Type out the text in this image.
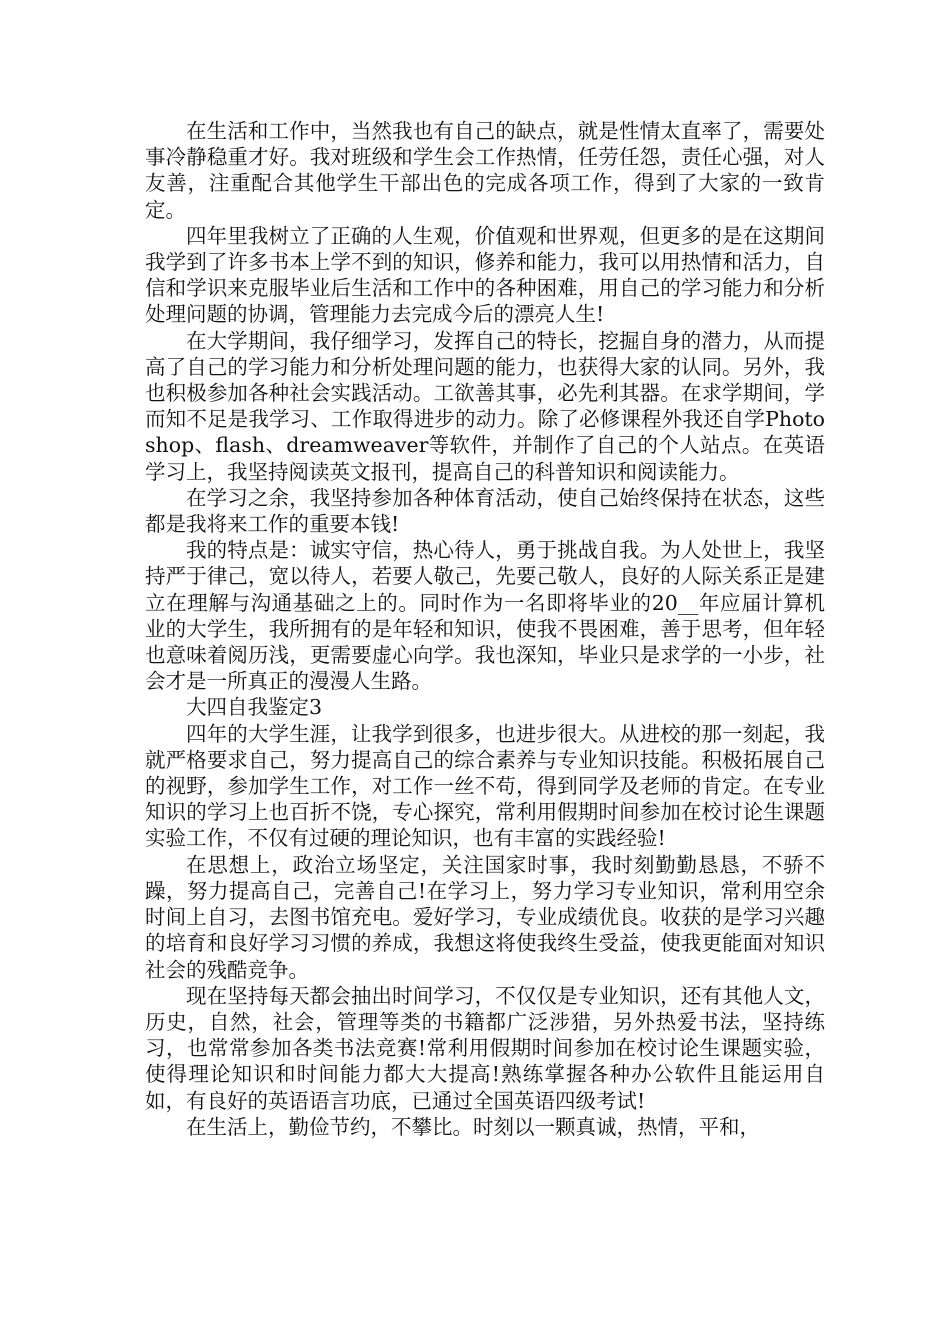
在生活和工作中，当然我也有自己的缺点，就是性情太直率了，需要处事冷静稳重才好。我对班级和学生会工作热情，任劳任怨，责任心强，对人友善，注重配合其他学生干部出色的完成各项工作，得到了大家的一致肯定。

四年里我树立了正确的人生观，价值观和世界观，但更多的是在这期间我学到了许多书本上学不到的知识，修养和能力，我可以用热情和活力，自信和学识来克服毕业后生活和工作中的各种困难，用自己的学习能力和分析处理问题的协调，管理能力去完成今后的漂亮人生!

在大学期间，我仔细学习，发挥自己的特长，挖掘自身的潜力，从而提高了自己的学习能力和分析处理问题的能力，也获得大家的认同。另外，我也积极参加各种社会实践活动。工欲善其事，必先利其器。在求学期间，学而知不足是我学习、工作取得进步的动力。除了必修课程外我还自学Photoshop、flash、dreamweaver等软件，并制作了自己的个人站点。在英语学习上，我坚持阅读英文报刊，提高自己的科普知识和阅读能力。

在学习之余，我坚持参加各种体育活动，使自己始终保持在状态，这些都是我将来工作的重要本钱!

我的特点是：诚实守信，热心待人，勇于挑战自我。为人处世上，我坚持严于律己，宽以待人，若要人敬己，先要己敬人，良好的人际关系正是建立在理解与沟通基础之上的。同时作为一名即将毕业的20__年应届计算机业的大学生，我所拥有的是年轻和知识，使我不畏困难，善于思考，但年轻也意味着阅历浅，更需要虚心向学。我也深知，毕业只是求学的一小步，社会才是一所真正的漫漫人生路。

大四自我鉴定3

四年的大学生涯，让我学到很多，也进步很大。从进校的那一刻起，我就严格要求自己，努力提高自己的综合素养与专业知识技能。积极拓展自己的视野，参加学生工作，对工作一丝不苟，得到同学及老师的肯定。在专业知识的学习上也百折不饶，专心探究，常利用假期时间参加在校讨论生课题实验工作，不仅有过硬的理论知识，也有丰富的实践经验!

在思想上，政治立场坚定，关注国家时事，我时刻勤勤恳恳，不骄不躁，努力提高自己，完善自己!在学习上，努力学习专业知识，常利用空余时间上自习，去图书馆充电。爱好学习，专业成绩优良。收获的是学习兴趣的培育和良好学习习惯的养成，我想这将使我终生受益，使我更能面对知识社会的残酷竞争。

现在坚持每天都会抽出时间学习，不仅仅是专业知识，还有其他人文，历史，自然，社会，管理等类的书籍都广泛涉猎，另外热爱书法，坚持练习，也常常参加各类书法竞赛!常利用假期时间参加在校讨论生课题实验，使得理论知识和时间能力都大大提高!熟练掌握各种办公软件且能运用自如，有良好的英语语言功底，已通过全国英语四级考试!

在生活上，勤俭节约，不攀比。时刻以一颗真诚，热情，平和，
